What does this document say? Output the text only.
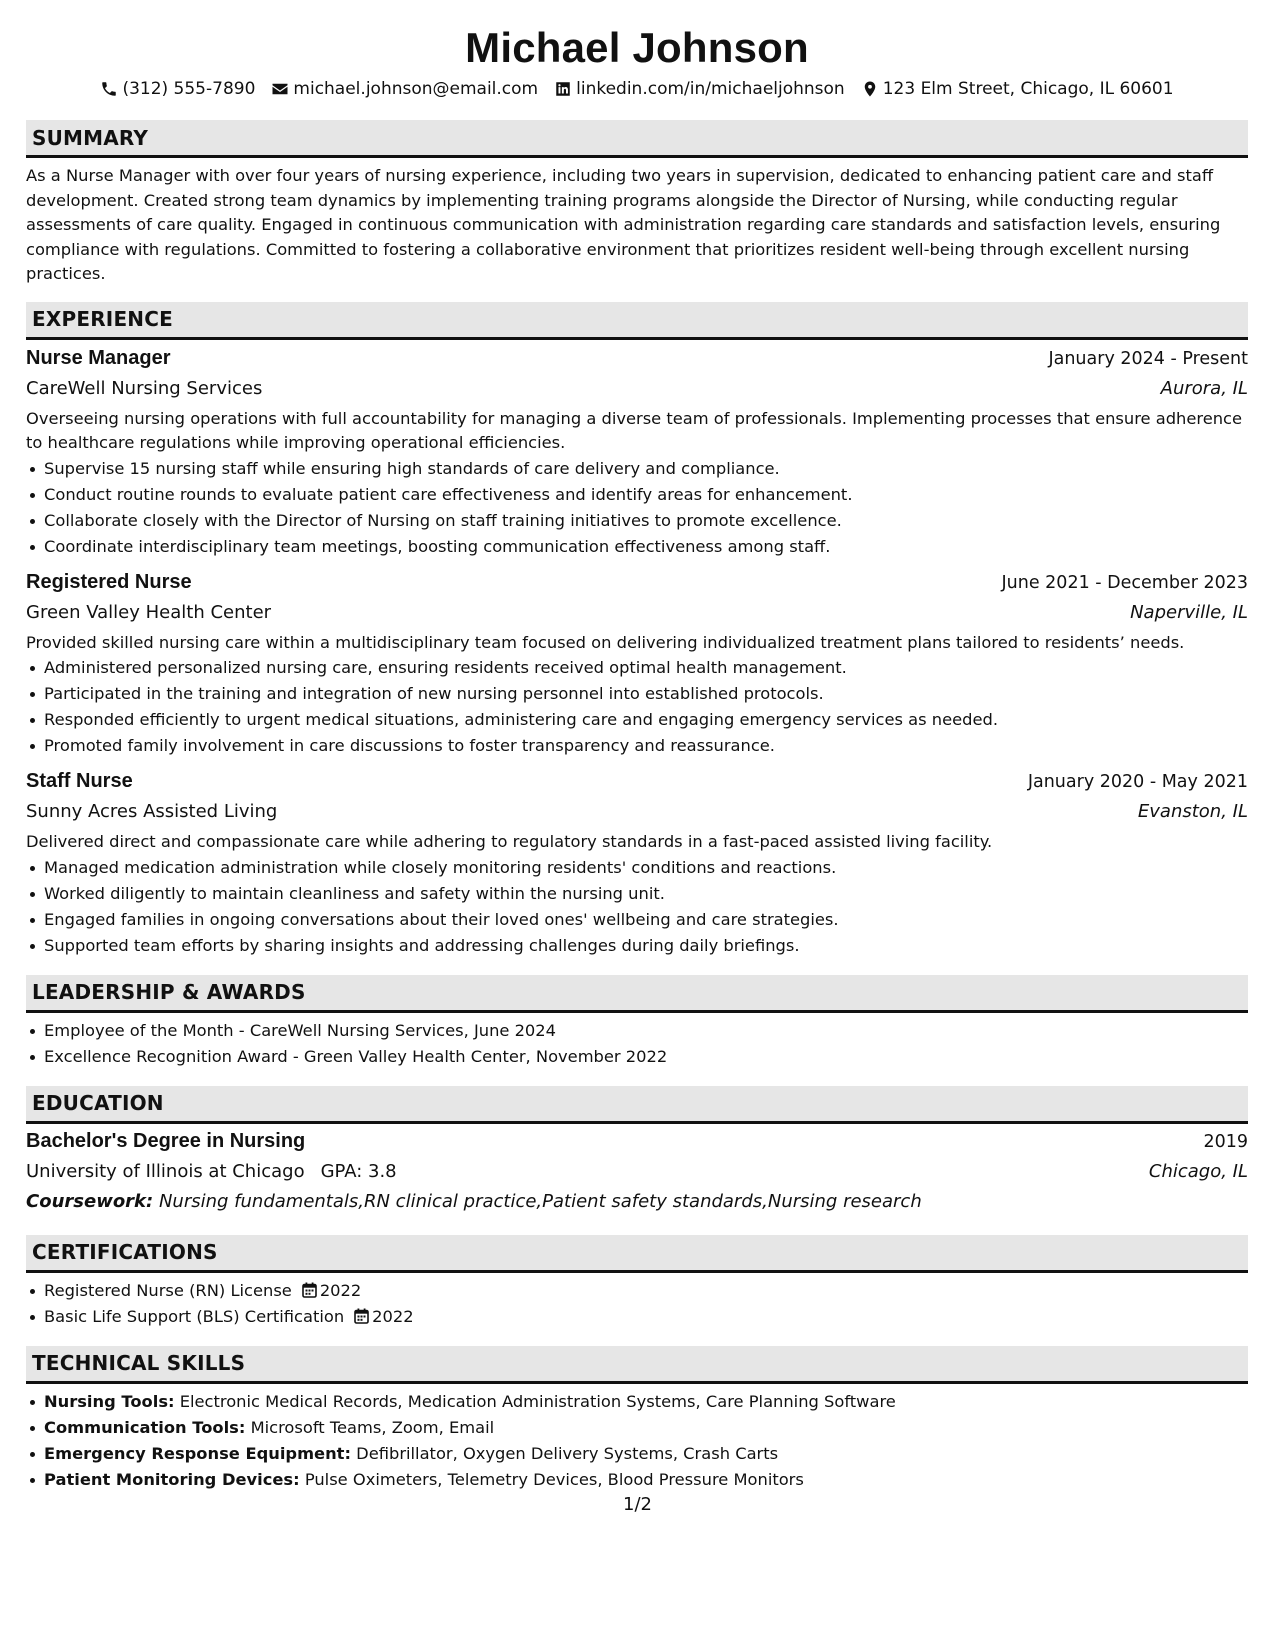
Michael Johnson
(312) 555-7890 michael.johnson@email.com linkedin.com/in/michaeljohnson 123 Elm Street, Chicago, IL 60601
SUMMARY

As a Nurse Manager with over four years of nursing experience, including two years in supervision, dedicated to enhancing patient care and staff development. Created strong team dynamics by implementing training programs alongside the Director of Nursing, while conducting regular assessments of care quality. Engaged in continuous communication with administration regarding care standards and satisfaction levels, ensuring compliance with regulations. Committed to fostering a collaborative environment that prioritizes resident well-being through excellent nursing practices.

EXPERIENCE
Nurse Manager	January 2024 - Present
CareWell Nursing Services	Aurora, IL

Overseeing nursing operations with full accountability for managing a diverse team of professionals. Implementing processes that ensure adherence to healthcare regulations while improving operational efficiencies.

Supervise 15 nursing staff while ensuring high standards of care delivery and compliance.
Conduct routine rounds to evaluate patient care effectiveness and identify areas for enhancement.
Collaborate closely with the Director of Nursing on staff training initiatives to promote excellence.
Coordinate interdisciplinary team meetings, boosting communication effectiveness among staff.
Registered Nurse	June 2021 - December 2023
Green Valley Health Center	Naperville, IL

Provided skilled nursing care within a multidisciplinary team focused on delivering individualized treatment plans tailored to residents’ needs.

Administered personalized nursing care, ensuring residents received optimal health management.
Participated in the training and integration of new nursing personnel into established protocols.
Responded efficiently to urgent medical situations, administering care and engaging emergency services as needed.
Promoted family involvement in care discussions to foster transparency and reassurance.
Staff Nurse	January 2020 - May 2021
Sunny Acres Assisted Living	Evanston, IL

Delivered direct and compassionate care while adhering to regulatory standards in a fast-paced assisted living facility.

Managed medication administration while closely monitoring residents' conditions and reactions.
Worked diligently to maintain cleanliness and safety within the nursing unit.
Engaged families in ongoing conversations about their loved ones' wellbeing and care strategies.
Supported team efforts by sharing insights and addressing challenges during daily briefings.
LEADERSHIP & AWARDS
Employee of the Month - CareWell Nursing Services, June 2024
Excellence Recognition Award - Green Valley Health Center, November 2022
EDUCATION
Bachelor's Degree in Nursing	2019
University of Illinois at Chicago GPA: 3.8	Chicago, IL
Coursework: Nursing fundamentals,RN clinical practice,Patient safety standards,Nursing research
CERTIFICATIONS
Registered Nurse (RN) License 2022
Basic Life Support (BLS) Certification 2022
TECHNICAL SKILLS
Nursing Tools: Electronic Medical Records, Medication Administration Systems, Care Planning Software
Communication Tools: Microsoft Teams, Zoom, Email
Emergency Response Equipment: Defibrillator, Oxygen Delivery Systems, Crash Carts
Patient Monitoring Devices: Pulse Oximeters, Telemetry Devices, Blood Pressure Monitors
1/2
